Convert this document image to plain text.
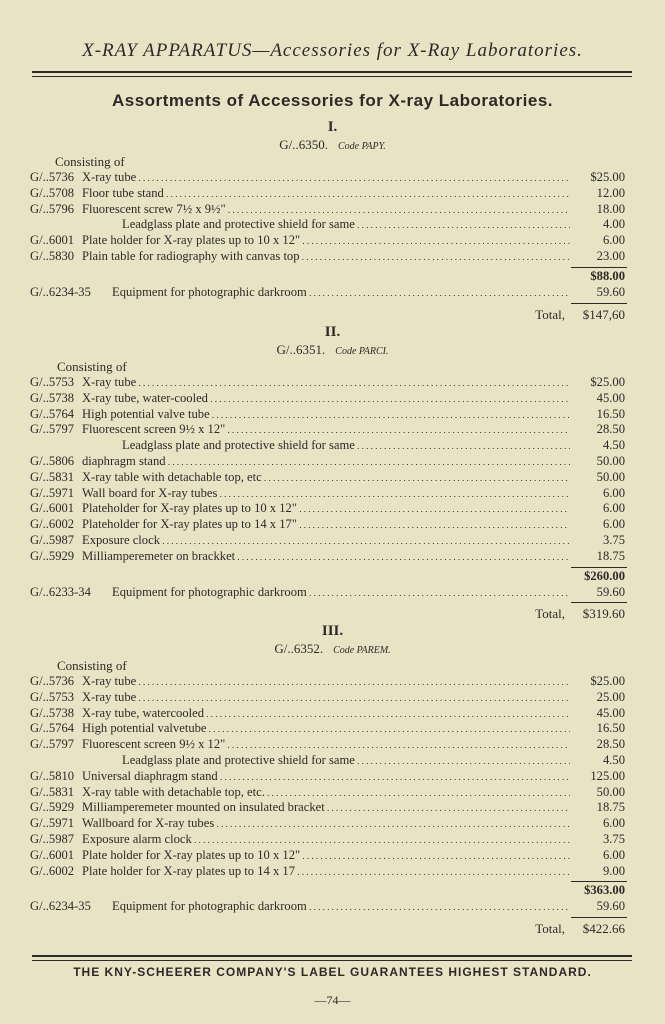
X-RAY APPARATUS—Accessories for X-Ray Laboratories.
Assortments of Accessories for X-ray Laboratories.
I.
G/..6350. Code PAPY.
Consisting of
G/..5736 X-ray tube . . .	$25.00
G/..5708 Floor tube stand . . .	12.00
G/..5796 Fluorescent screw 7½ x 9½" . . .	18.00
Leadglass plate and protective shield for same . . .	4.00
G/..6001 Plate holder for X-ray plates up to 10 x 12" . . .	6.00
G/..5830 Plain table for radiography with canvas top . . .	23.00
$88.00
G/..6234-35 Equipment for photographic darkroom . . .	59.60
Total, $147,60
II.
G/..6351. Code PARCI.
Consisting of
G/..5753 X-ray tube . . .	$25.00
G/..5738 X-ray tube, water-cooled . . .	45.00
G/..5764 High potential valve tube . . .	16.50
G/..5797 Fluorescent screen 9½ x 12" . . .	28.50
Leadglass plate and protective shield for same . . .	4.50
G/..5806 diaphragm stand . . .	50.00
G/..5831 X-ray table with detachable top, etc . . .	50.00
G/..5971 Wall board for X-ray tubes . . .	6.00
G/..6001 Plateholder for X-ray plates up to 10 x 12" . . .	6.00
G/..6002 Plateholder for X-ray plates up to 14 x 17" . . .	6.00
G/..5987 Exposure clock . . .	3.75
G/..5929 Milliamperemeter on brackket . . .	18.75
$260.00
G/..6233-34 Equipment for photographic darkroom . . .	59.60
Total, $319.60
III.
G/..6352. Code PAREM.
Consisting of
G/..5736 X-ray tube . . .	$25.00
G/..5753 X-ray tube . . .	25.00
G/..5738 X-ray tube, watercooled . . .	45.00
G/..5764 High potential valvetube . . .	16.50
G/..5797 Fluorescent screen 9½ x 12" . . .	28.50
Leadglass plate and protective shield for same . . .	4.50
G/..5810 Universal diaphragm stand . . .	125.00
G/..5831 X-ray table with detachable top, etc. . . .	50.00
G/..5929 Milliamperemeter mounted on insulated bracket . . .	18.75
G/..5971 Wallboard for X-ray tubes . . .	6.00
G/..5987 Exposure alarm clock . . .	3.75
G/..6001 Plate holder for X-ray plates up to 10 x 12" . . .	6.00
G/..6002 Plate holder for X-ray plates up to 14 x 17 . . .	9.00
$363.00
G/..6234-35 Equipment for photographic darkroom . . .	59.60
Total, $422.66
THE KNY-SCHEERER COMPANY'S LABEL GUARANTEES HIGHEST STANDARD.
—74—
